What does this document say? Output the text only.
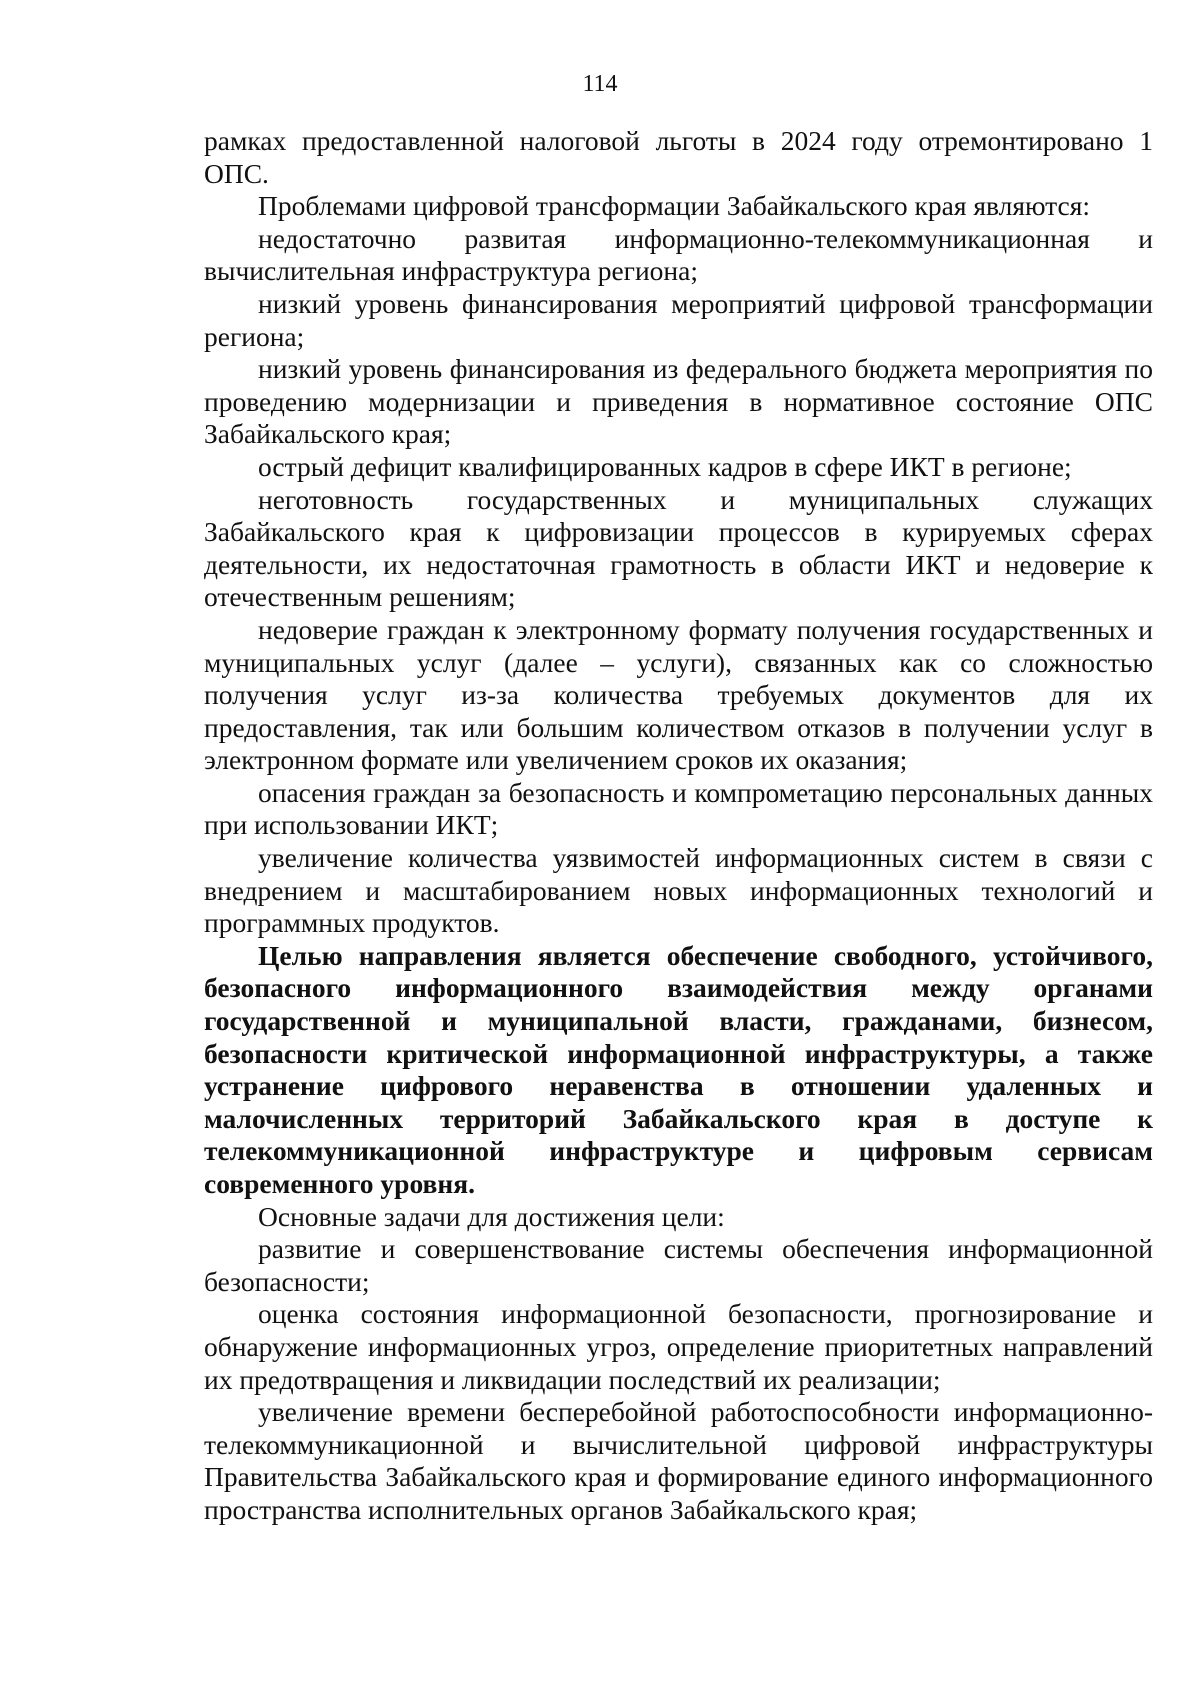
114

рамках предоставленной налоговой льготы в 2024 году отремонтировано 1 ОПС.

Проблемами цифровой трансформации Забайкальского края являются:

недостаточно развитая информационно-телекоммуникационная и вычислительная инфраструктура региона;

низкий уровень финансирования мероприятий цифровой трансформации региона;

низкий уровень финансирования из федерального бюджета мероприятия по проведению модернизации и приведения в нормативное состояние ОПС Забайкальского края;

острый дефицит квалифицированных кадров в сфере ИКТ в регионе;

неготовность государственных и муниципальных служащих Забайкальского края к цифровизации процессов в курируемых сферах деятельности, их недостаточная грамотность в области ИКТ и недоверие к отечественным решениям;

недоверие граждан к электронному формату получения государственных и муниципальных услуг (далее – услуги), связанных как со сложностью получения услуг из-за количества требуемых документов для их предоставления, так или большим количеством отказов в получении услуг в электронном формате или увеличением сроков их оказания;

опасения граждан за безопасность и компрометацию персональных данных при использовании ИКТ;

увеличение количества уязвимостей информационных систем в связи с внедрением и масштабированием новых информационных технологий и программных продуктов.

Целью направления является обеспечение свободного, устойчивого, безопасного информационного взаимодействия между органами государственной и муниципальной власти, гражданами, бизнесом, безопасности критической информационной инфраструктуры, а также устранение цифрового неравенства в отношении удаленных и малочисленных территорий Забайкальского края в доступе к телекоммуникационной инфраструктуре и цифровым сервисам современного уровня.

Основные задачи для достижения цели:

развитие и совершенствование системы обеспечения информационной безопасности;

оценка состояния информационной безопасности, прогнозирование и обнаружение информационных угроз, определение приоритетных направлений их предотвращения и ликвидации последствий их реализации;

увеличение времени бесперебойной работоспособности информационно-телекоммуникационной и вычислительной цифровой инфраструктуры Правительства Забайкальского края и формирование единого информационного пространства исполнительных органов Забайкальского края;
